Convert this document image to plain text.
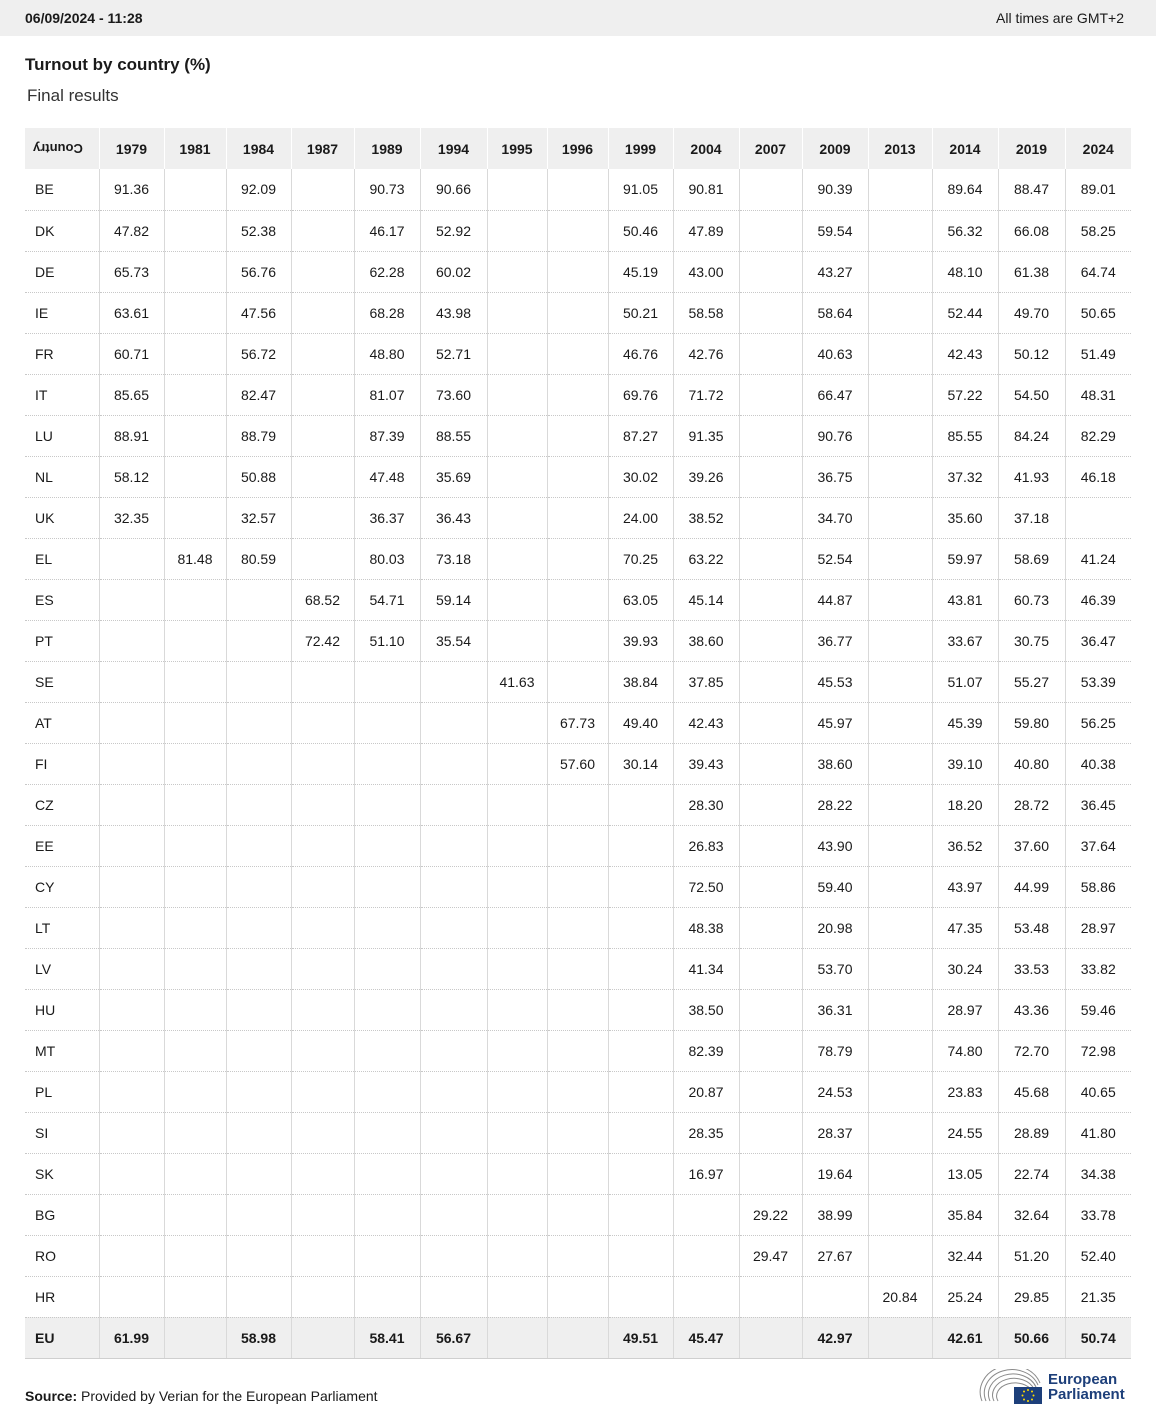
06/09/2024 - 11:28	All times are GMT+2
Turnout by country (%)
Final results
Country	1979	1981	1984	1987	1989	1994	1995	1996	1999	2004	2007	2009	2013	2014	2019	2024
BE	91.36		92.09		90.73	90.66			91.05	90.81		90.39		89.64	88.47	89.01
DK	47.82		52.38		46.17	52.92			50.46	47.89		59.54		56.32	66.08	58.25
DE	65.73		56.76		62.28	60.02			45.19	43.00		43.27		48.10	61.38	64.74
IE	63.61		47.56		68.28	43.98			50.21	58.58		58.64		52.44	49.70	50.65
FR	60.71		56.72		48.80	52.71			46.76	42.76		40.63		42.43	50.12	51.49
IT	85.65		82.47		81.07	73.60			69.76	71.72		66.47		57.22	54.50	48.31
LU	88.91		88.79		87.39	88.55			87.27	91.35		90.76		85.55	84.24	82.29
NL	58.12		50.88		47.48	35.69			30.02	39.26		36.75		37.32	41.93	46.18
UK	32.35		32.57		36.37	36.43			24.00	38.52		34.70		35.60	37.18	
EL		81.48	80.59		80.03	73.18			70.25	63.22		52.54		59.97	58.69	41.24
ES				68.52	54.71	59.14			63.05	45.14		44.87		43.81	60.73	46.39
PT				72.42	51.10	35.54			39.93	38.60		36.77		33.67	30.75	36.47
SE							41.63		38.84	37.85		45.53		51.07	55.27	53.39
AT								67.73	49.40	42.43		45.97		45.39	59.80	56.25
FI								57.60	30.14	39.43		38.60		39.10	40.80	40.38
CZ										28.30		28.22		18.20	28.72	36.45
EE										26.83		43.90		36.52	37.60	37.64
CY										72.50		59.40		43.97	44.99	58.86
LT										48.38		20.98		47.35	53.48	28.97
LV										41.34		53.70		30.24	33.53	33.82
HU										38.50		36.31		28.97	43.36	59.46
MT										82.39		78.79		74.80	72.70	72.98
PL										20.87		24.53		23.83	45.68	40.65
SI										28.35		28.37		24.55	28.89	41.80
SK										16.97		19.64		13.05	22.74	34.38
BG											29.22	38.99		35.84	32.64	33.78
RO											29.47	27.67		32.44	51.20	52.40
HR													20.84	25.24	29.85	21.35
EU	61.99		58.98		58.41	56.67			49.51	45.47		42.97		42.61	50.66	50.74
Source: Provided by Verian for the European Parliament
European
Parliament
